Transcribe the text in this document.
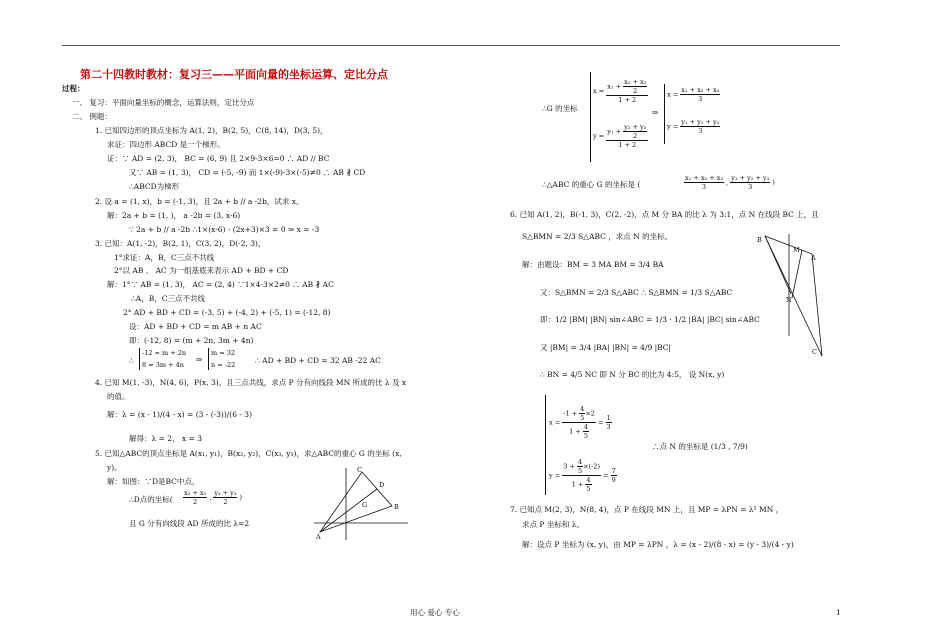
第二十四教时教材：复习三——平面向量的坐标运算、定比分点
过程：
一、 复习：平面向量坐标的概念，运算法则，定比分点
二、 例题：
1. 已知四边形的顶点坐标为 A(1, 2)，B(2, 5)，C(8, 14)，D(3, 5)，
求证：四边形 ABCD 是一个梯形。
证：∵ AD = (2, 3)， BC = (6, 9) 且 2×9-3×6=0 ∴ AD // BC
又∵ AB = (1, 3)， CD = (-5, -9) 而 1×(-9)-3×(-5)≠0 ∴ AB ∦ CD
∴ABCD为梯形
2. 设 a = (1, x)，b = (-1, 3)，且 2a + b // a -2b，试求 x。
解：2a + b = (1, )， a -2b = (3, x-6)
∵ 2a + b // a -2b ∴1×(x-6) - (2x+3)×3 = 0 ⇒ x = -3
3. 已知：A(1, -2)，B(2, 1)，C(3, 2)，D(-2, 3)，
1°求证：A，B，C三点不共线
2°以 AB 、 AC 为一组基底来表示 AD + BD + CD
解：1°∵ AB = (1, 3)， AC = (2, 4) ∵1×4-3×2≠0 ∴ AB ∦ AC
∴A，B，C三点不共线
2° AD + BD + CD = (-3, 5) + (-4, 2) + (-5, 1) = (-12, 8)
设：AD + BD + CD = m AB + n AC
即：(-12, 8) = (m + 2n, 3m + 4n)
∴
-12 = m + 2n
8 = 3m + 4n
⇒
m = 32
n = -22	∴ AD + BD + CD = 32 AB -22 AC
4. 已知 M(1, -3)，N(4, 6)，P(x, 3)，且三点共线，求点 P 分有向线段 MN 所成的比 λ 及 x
的值。
解：λ = (x - 1)/(4 - x) = (3 - (-3))/(6 - 3)
解得：λ = 2， x = 3
5. 已知△ABC的顶点坐标是 A(x₁, y₁)，B(x₂, y₂)，C(x₃, y₃)，求△ABC的重心 G 的坐标 (x,
y)。
解：如图：∵D是BC中点，
∴D点的坐标( $\frac{\text{x₂ + x₃}}{2}$ , $\frac{\text{y₂ + y₃}}{2}$ )
且 G 分有向线段 AD 所成的比 λ=2
C
D
G	B
A
∴G 的坐标
$x = \frac{x_1 + \frac{\text{x₂ + x₃}}{2}}{1 + 2}$
$y = \frac{y_1 + \frac{\text{y₂ + y₃}}{2}}{1 + 2}$
⇒
$x = \frac{\text{x₁ + x₂ + x₃}}{3}$
$y = \frac{\text{y₁ + y₂ + y₃}}{3}$
∴△ABC 的重心 G 的坐标是 (	$\frac{\text{x₁ + x₂ + x₃}}{3}$ , $\frac{\text{y₁ + y₂ + y₃}}{3}$ )
6. 已知 A(1, 2)，B(-1, 3)，C(2, -2)，点 M 分 BA 的比 λ 为 3:1，点 N 在线段 BC 上，且
S△BMN = 2/3 S△ABC ，求点 N 的坐标。
解：由题设：BM = 3 MA BM = 3/4 BA
又：S△BMN = 2/3 S△ABC ∴ S△BMN = 1/3 S△ABC
即：1/2 |BM| |BN| sin∠ABC = 1/3 · 1/2 |BA| |BC| sin∠ABC
又 |BM| = 3/4 |BA| |BN| = 4/9 |BC|
∴ BN = 4/5 NC 即 N 分 BC 的比为 4:5， 设 N(x, y)
$x = \frac{-1 + \frac{4}{5} \times 2}{1 + \frac{4}{5}} = \frac{1}{3}$
$y = \frac{3 + \frac{4}{5} \times(-2)}{1 + \frac{4}{5}} = \frac{7}{9}$
∴点 N 的坐标是 (1/3 , 7/9)
7. 已知点 M(2, 3)，N(8, 4)，点 P 在线段 MN 上，且 MP = λPN = λ² MN ，
求点 P 坐标和 λ。
解：设点 P 坐标为 (x, y)，由 MP = λPN ，λ = (x - 2)/(8 - x) = (y - 3)/(4 - y)
B
M
A
N
C
用心 爱心 专心	1
